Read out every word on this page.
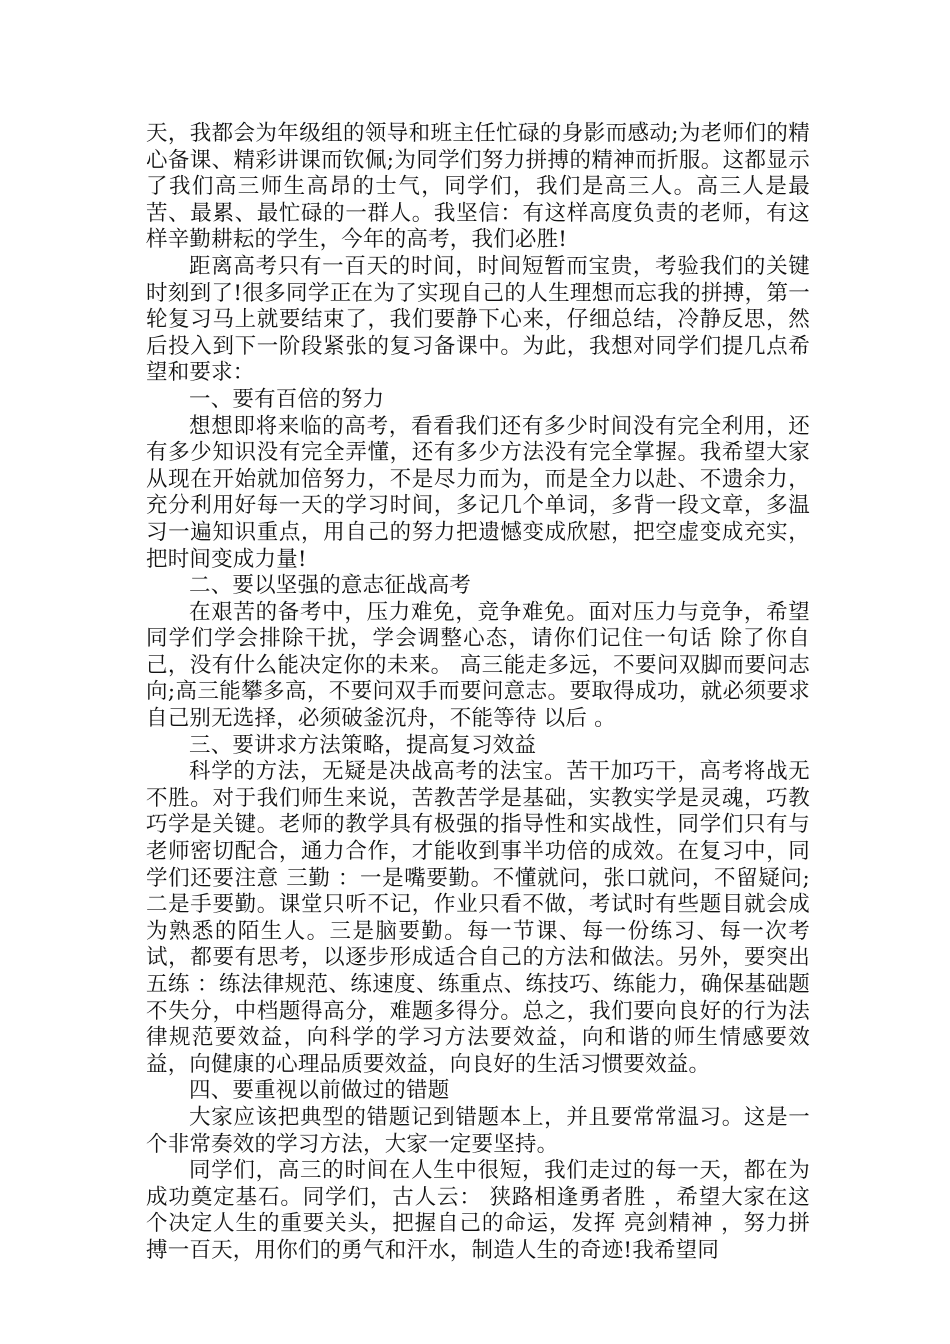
天，我都会为年级组的领导和班主任忙碌的身影而感动;为老师们的精心备课、精彩讲课而钦佩;为同学们努力拼搏的精神而折服。这都显示了我们高三师生高昂的士气，同学们，我们是高三人。高三人是最苦、最累、最忙碌的一群人。我坚信：有这样高度负责的老师，有这样辛勤耕耘的学生，今年的高考，我们必胜!

距离高考只有一百天的时间，时间短暂而宝贵，考验我们的关键时刻到了!很多同学正在为了实现自己的人生理想而忘我的拼搏，第一轮复习马上就要结束了，我们要静下心来，仔细总结，冷静反思，然后投入到下一阶段紧张的复习备课中。为此，我想对同学们提几点希望和要求：

一、要有百倍的努力

想想即将来临的高考，看看我们还有多少时间没有完全利用，还有多少知识没有完全弄懂，还有多少方法没有完全掌握。我希望大家从现在开始就加倍努力，不是尽力而为，而是全力以赴、不遗余力，充分利用好每一天的学习时间，多记几个单词，多背一段文章，多温习一遍知识重点，用自己的努力把遗憾变成欣慰，把空虚变成充实，把时间变成力量!

二、要以坚强的意志征战高考

在艰苦的备考中，压力难免，竞争难免。面对压力与竞争，希望同学们学会排除干扰，学会调整心态，请你们记住一句话 除了你自己，没有什么能决定你的未来。 高三能走多远，不要问双脚而要问志向;高三能攀多高，不要问双手而要问意志。要取得成功，就必须要求自己别无选择，必须破釜沉舟，不能等待 以后 。

三、要讲求方法策略，提高复习效益

科学的方法，无疑是决战高考的法宝。苦干加巧干，高考将战无不胜。对于我们师生来说，苦教苦学是基础，实教实学是灵魂，巧教巧学是关键。老师的教学具有极强的指导性和实战性，同学们只有与老师密切配合，通力合作，才能收到事半功倍的成效。在复习中，同学们还要注意 三勤 ：一是嘴要勤。不懂就问，张口就问，不留疑问;二是手要勤。课堂只听不记，作业只看不做，考试时有些题目就会成为熟悉的陌生人。三是脑要勤。每一节课、每一份练习、每一次考试，都要有思考，以逐步形成适合自己的方法和做法。另外，要突出 五练 ：练法律规范、练速度、练重点、练技巧、练能力，确保基础题不失分，中档题得高分，难题多得分。总之，我们要向良好的行为法律规范要效益，向科学的学习方法要效益，向和谐的师生情感要效益，向健康的心理品质要效益，向良好的生活习惯要效益。

四、要重视以前做过的错题

大家应该把典型的错题记到错题本上，并且要常常温习。这是一个非常奏效的学习方法，大家一定要坚持。

同学们，高三的时间在人生中很短，我们走过的每一天，都在为成功奠定基石。同学们，古人云： 狭路相逢勇者胜 ，希望大家在这个决定人生的重要关头，把握自己的命运，发挥 亮剑精神 ，努力拼搏一百天，用你们的勇气和汗水，制造人生的奇迹!我希望同
